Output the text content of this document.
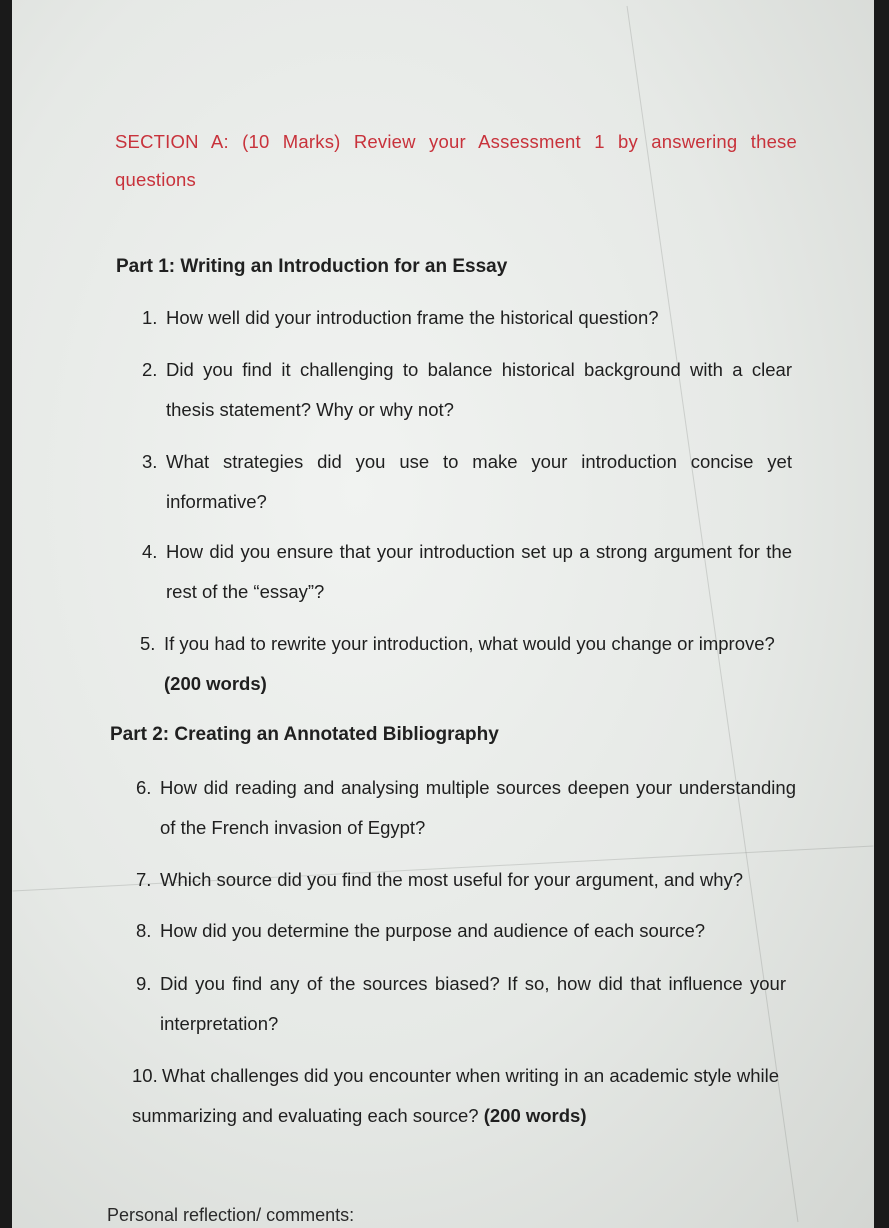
SECTION A: (10 Marks) Review your Assessment 1 by answering these questions
Part 1: Writing an Introduction for an Essay
1. How well did your introduction frame the historical question?
2. Did you find it challenging to balance historical background with a clear thesis statement? Why or why not?
3. What strategies did you use to make your introduction concise yet informative?
4. How did you ensure that your introduction set up a strong argument for the rest of the “essay”?
5. If you had to rewrite your introduction, what would you change or improve?
(200 words)
Part 2: Creating an Annotated Bibliography
6. How did reading and analysing multiple sources deepen your understanding of the French invasion of Egypt?
7. Which source did you find the most useful for your argument, and why?
8. How did you determine the purpose and audience of each source?
9. Did you find any of the sources biased? If so, how did that influence your interpretation?
10. What challenges did you encounter when writing in an academic style while summarizing and evaluating each source? (200 words)
Personal reflection/ comments:
